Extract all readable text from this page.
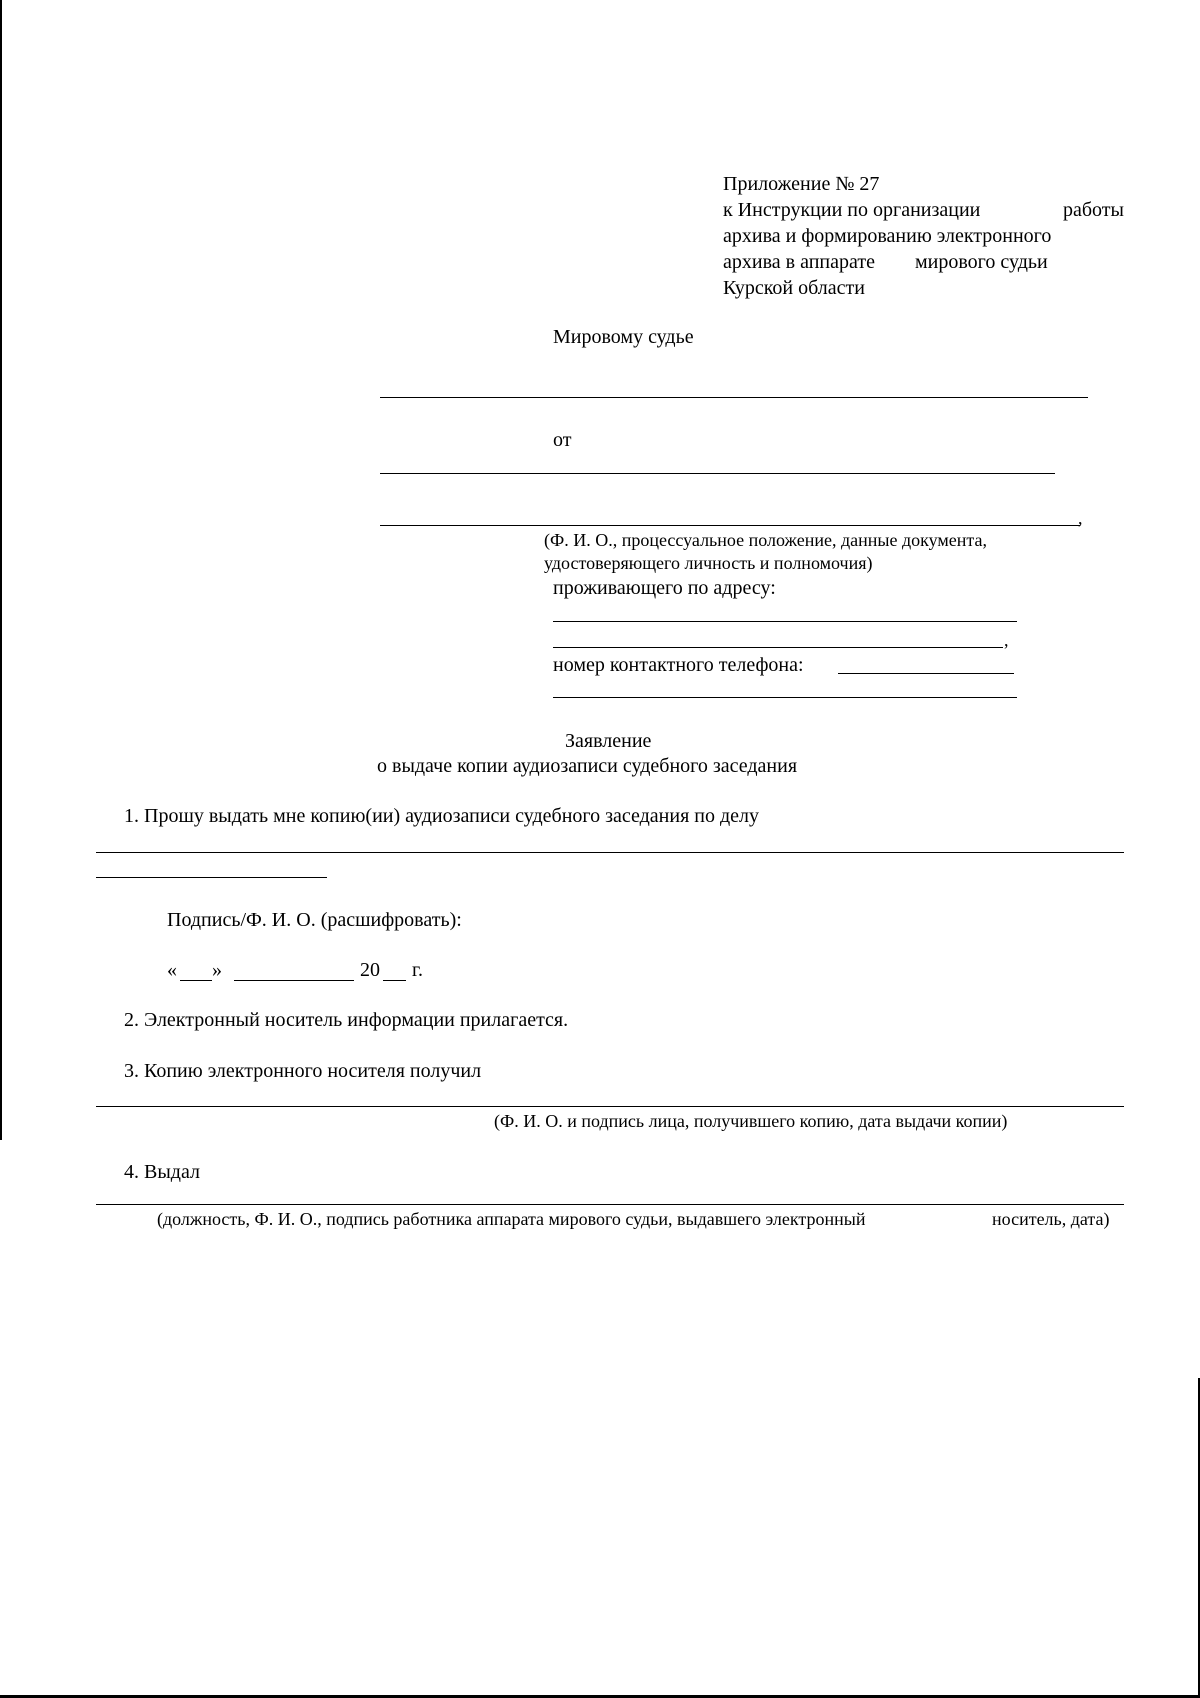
Приложение № 27
к Инструкции по организации	работы
архива и формированию электронного
архива в аппарате мирового судьи
Курской области
Мировому судье
от
,
(Ф. И. О., процессуальное положение, данные документа,
удостоверяющего личность и полномочия)
проживающего по адресу:
,
номер контактного телефона:
Заявление
о выдаче копии аудиозаписи судебного заседания
1. Прошу выдать мне копию(ии) аудиозаписи судебного заседания по делу
Подпись/Ф. И. О. (расшифровать):
« »	20 г.
2. Электронный носитель информации прилагается.
3. Копию электронного носителя получил
(Ф. И. О. и подпись лица, получившего копию, дата выдачи копии)
4. Выдал
(должность, Ф. И. О., подпись работника аппарата мирового судьи, выдавшего электронный	носитель, дата)
